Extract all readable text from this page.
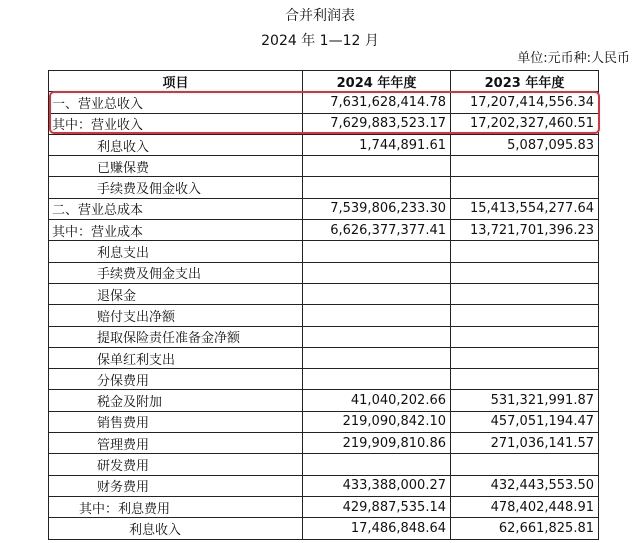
合并利润表
2024 年 1—12 月
单位:元币种:人民币
项目	2024 年年度	2023 年年度
一、营业总收入	7,631,628,414.78	17,207,414,556.34
其中：营业收入	7,629,883,523.17	17,202,327,460.51
利息收入	1,744,891.61	5,087,095.83
已赚保费		
手续费及佣金收入		
二、营业总成本	7,539,806,233.30	15,413,554,277.64
其中：营业成本	6,626,377,377.41	13,721,701,396.23
利息支出		
手续费及佣金支出		
退保金		
赔付支出净额		
提取保险责任准备金净额		
保单红利支出		
分保费用		
税金及附加	41,040,202.66	531,321,991.87
销售费用	219,090,842.10	457,051,194.47
管理费用	219,909,810.86	271,036,141.57
研发费用		
财务费用	433,388,000.27	432,443,553.50
其中：利息费用	429,887,535.14	478,402,448.91
利息收入	17,486,848.64	62,661,825.81
